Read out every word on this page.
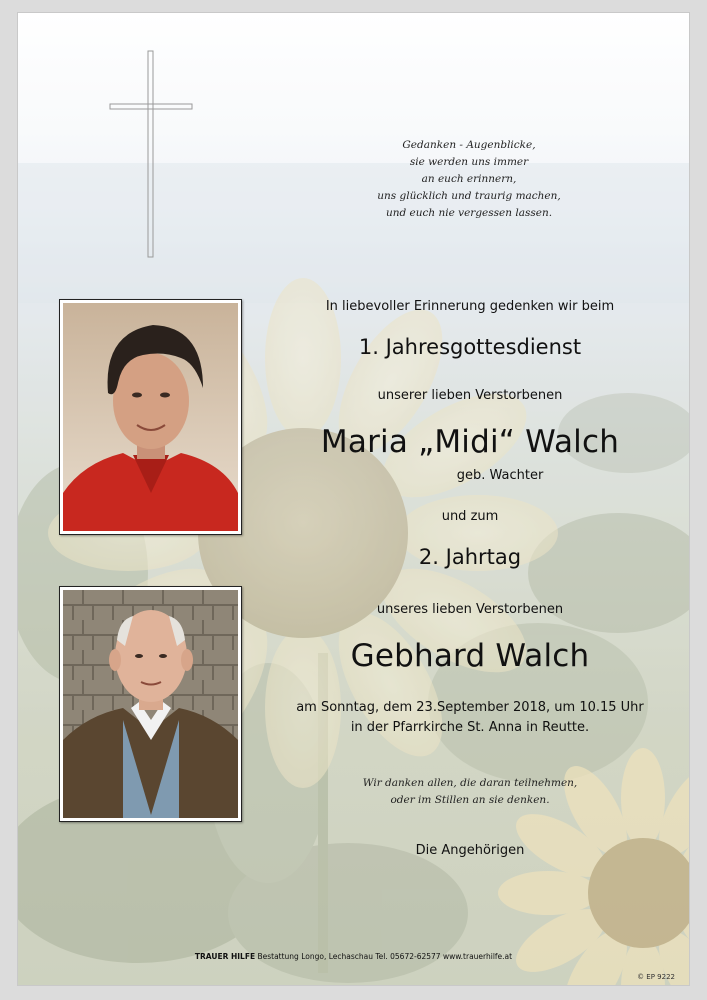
Gedanken - Augenblicke,
sie werden uns immer
an euch erinnern,
uns glücklich und traurig machen,
und euch nie vergessen lassen.
In liebevoller Erinnerung gedenken wir beim
1. Jahresgottesdienst
unserer lieben Verstorbenen
Maria „Midi“ Walch
geb. Wachter
und zum
2. Jahrtag
unseres lieben Verstorbenen
Gebhard Walch
am Sonntag, dem 23.September 2018, um 10.15 Uhr
in der Pfarrkirche St. Anna in Reutte.
Wir danken allen, die daran teilnehmen,
oder im Stillen an sie denken.
Die Angehörigen
TRAUER HILFE Bestattung Longo, Lechaschau Tel. 05672-62577 www.trauerhilfe.at
© EP 9222
